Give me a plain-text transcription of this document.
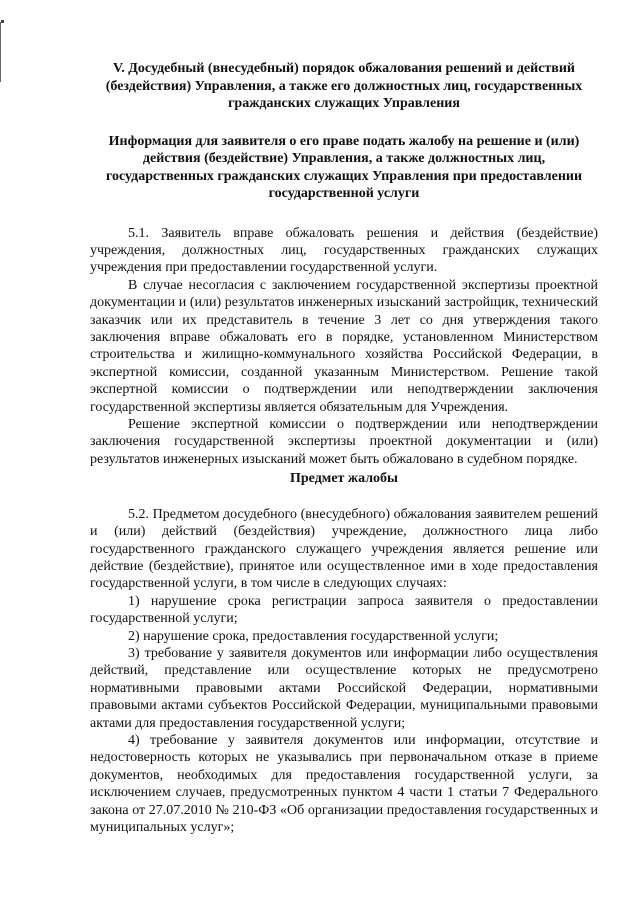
V. Досудебный (внесудебный) порядок обжалования решений и действий (бездействия) Управления, а также его должностных лиц, государственных гражданских служащих Управления

Информация для заявителя о его праве подать жалобу на решение и (или) действия (бездействие) Управления, а также должностных лиц, государственных гражданских служащих Управления при предоставлении государственной услуги

5.1. Заявитель вправе обжаловать решения и действия (бездействие) учреждения, должностных лиц, государственных гражданских служащих учреждения при предоставлении государственной услуги.

В случае несогласия с заключением государственной экспертизы проектной документации и (или) результатов инженерных изысканий застройщик, технический заказчик или их представитель в течение 3 лет со дня утверждения такого заключения вправе обжаловать его в порядке, установленном Министерством строительства и жилищно-коммунального хозяйства Российской Федерации, в экспертной комиссии, созданной указанным Министерством. Решение такой экспертной комиссии о подтверждении или неподтверждении заключения государственной экспертизы является обязательным для Учреждения.

Решение экспертной комиссии о подтверждении или неподтверждении заключения государственной экспертизы проектной документации и (или) результатов инженерных изысканий может быть обжаловано в судебном порядке.

Предмет жалобы

5.2. Предметом досудебного (внесудебного) обжалования заявителем решений и (или) действий (бездействия) учреждение, должностного лица либо государственного гражданского служащего учреждения является решение или действие (бездействие), принятое или осуществленное ими в ходе предоставления государственной услуги, в том числе в следующих случаях:

1) нарушение срока регистрации запроса заявителя о предоставлении государственной услуги;

2) нарушение срока, предоставления государственной услуги;

3) требование у заявителя документов или информации либо осуществления действий, представление или осуществление которых не предусмотрено нормативными правовыми актами Российской Федерации, нормативными правовыми актами субъектов Российской Федерации, муниципальными правовыми актами для предоставления государственной услуги;

4) требование у заявителя документов или информации, отсутствие и недостоверность которых не указывались при первоначальном отказе в приеме документов, необходимых для предоставления государственной услуги, за исключением случаев, предусмотренных пунктом 4 части 1 статьи 7 Федерального закона от 27.07.2010 № 210-ФЗ «Об организации предоставления государственных и муниципальных услуг»;
